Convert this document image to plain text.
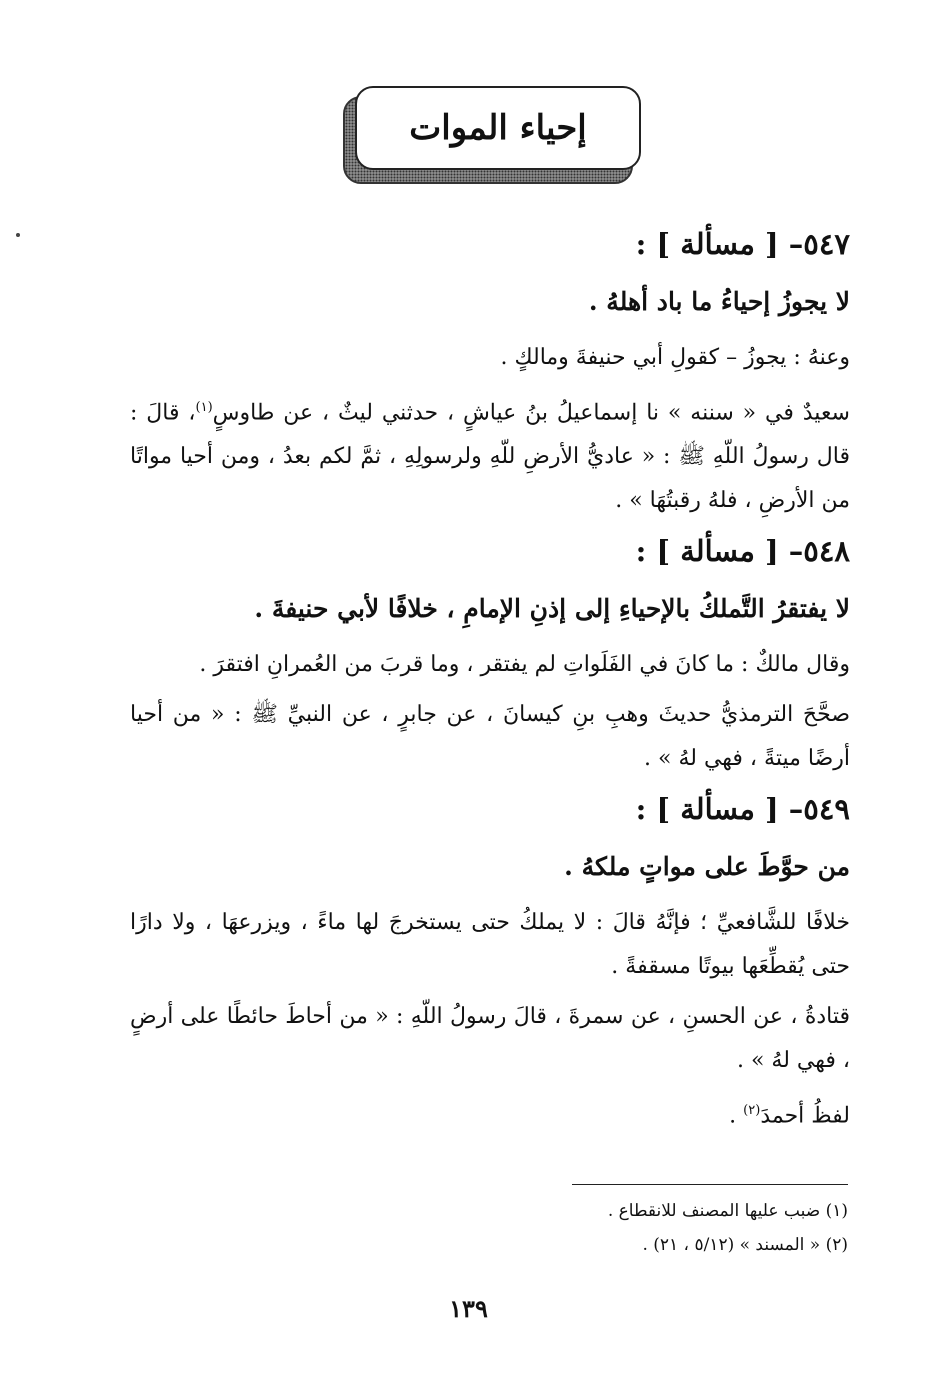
إحياء الموات
٥٤٧– [ مسألة ] :
لا يجوزُ إحياءُ ما باد أهلهُ .

وعنهُ : يجوزُ – كقولِ أبي حنيفةَ ومالكٍ .

سعيدٌ في « سننه » نا إسماعيلُ بنُ عياشٍ ، حدثني ليثٌ ، عن طاوسٍ$^{(١)}$، قالَ : قال رسولُ اللّهِ ﷺ : « عاديُّ الأرضِ للّهِ ولرسولِهِ ، ثمَّ لكم بعدُ ، ومن أحيا مواتًا من الأرضِ ، فلهُ رقبتُهَا » .

٥٤٨– [ مسألة ] :
لا يفتقرُ التَّملكُ بالإحياءِ إلى إذنِ الإمامِ ، خلافًا لأبي حنيفةَ .

وقال مالكٌ : ما كانَ في الفَلَواتِ لم يفتقر ، وما قربَ من العُمرانِ افتقرَ .

صحَّحَ الترمذيُّ حديثَ وهبِ بنِ كيسانَ ، عن جابرٍ ، عن النبيِّ ﷺ : « من أحيا أرضًا ميتةً ، فهي لهُ » .

٥٤٩– [ مسألة ] :
من حوَّطَ على مواتٍ ملكهُ .

خلافًا للشَّافعيِّ ؛ فإنَّهُ قالَ : لا يملكُ حتى يستخرجَ لها ماءً ، ويزرعهَا ، ولا دارًا حتى يُقطِّعَها بيوتًا مسقفةً .

قتادةُ ، عن الحسنِ ، عن سمرةَ ، قالَ رسولُ اللّهِ : « من أحاطَ حائطًا على أرضٍ ، فهي لهُ » .

لفظُ أحمدَ$^{(٢)}$ .

(١) ضبب عليها المصنف للانقطاع .
(٢) « المسند » (٥/١٢ ، ٢١) .
١٣٩
